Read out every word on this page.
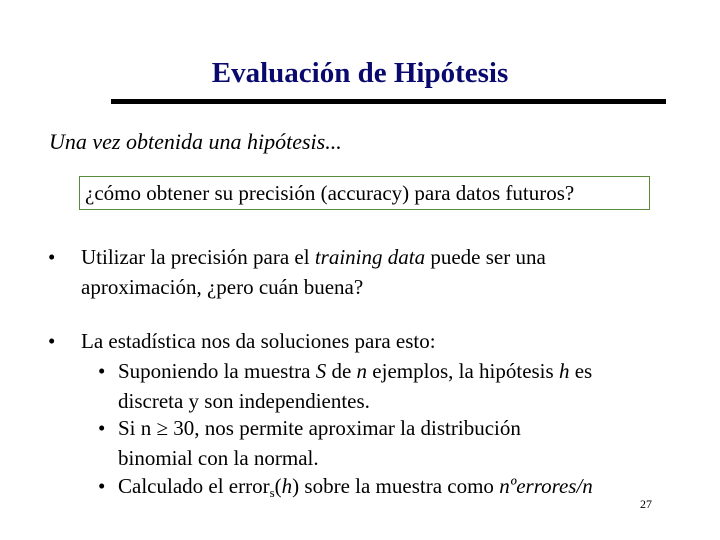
Evaluación de Hipótesis
Una vez obtenida una hipótesis...
¿cómo obtener su precisión (accuracy) para datos futuros?
• Utilizar la precisión para el training data puede ser una
aproximación, ¿pero cuán buena?
• La estadística nos da soluciones para esto:
• Suponiendo la muestra S de n ejemplos, la hipótesis h es
discreta y son independientes.
• Si n ≥ 30, nos permite aproximar la distribución
binomial con la normal.
• Calculado el error$_s$(h) sobre la muestra como nºerrores/n
27
